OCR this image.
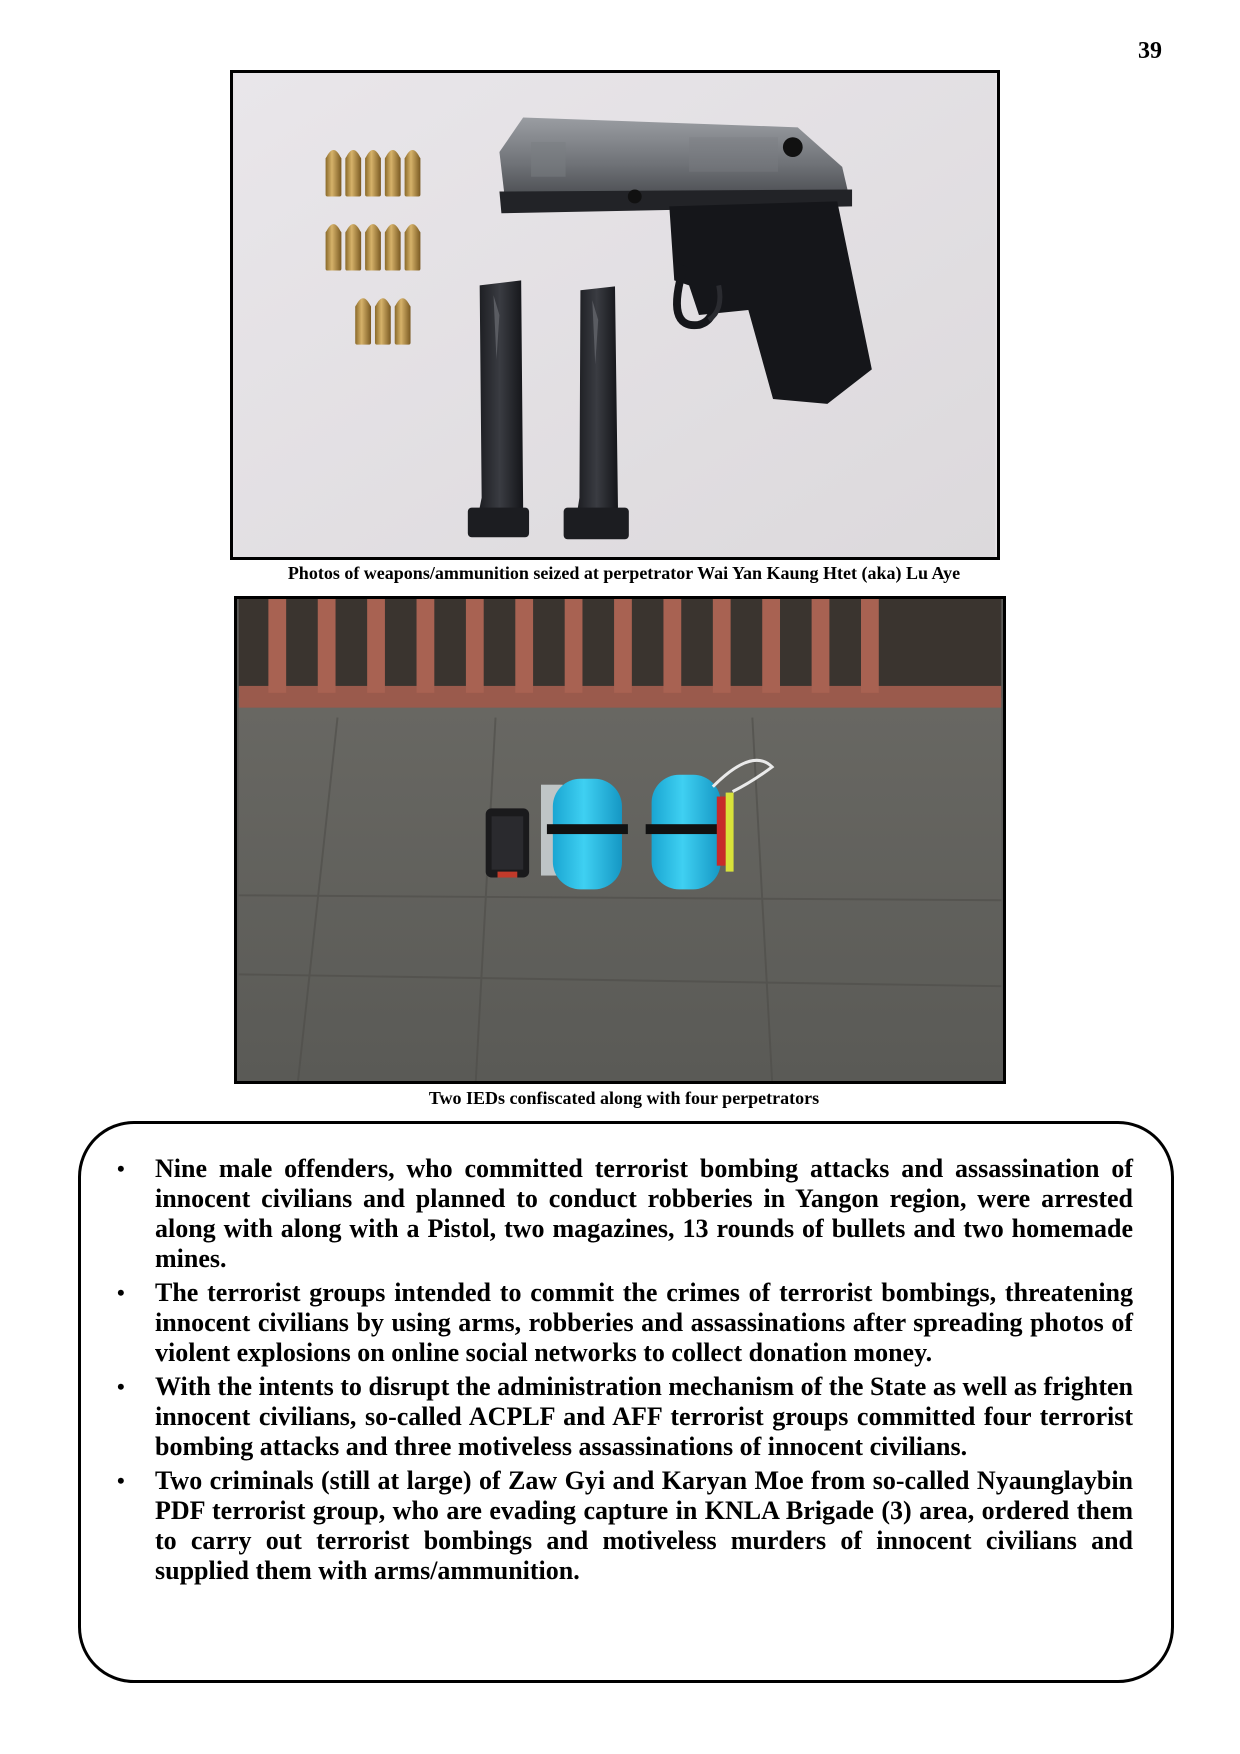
39
Photos of weapons/ammunition seized at perpetrator Wai Yan Kaung Htet (aka) Lu Aye
Two IEDs confiscated along with four perpetrators
• Nine male offenders, who committed terrorist bombing attacks and assassination of innocent civilians and planned to conduct robberies in Yangon region, were arrested along with along with a Pistol, two magazines, 13 rounds of bullets and two homemade mines.
• The terrorist groups intended to commit the crimes of terrorist bombings, threatening innocent civilians by using arms, robberies and assassinations after spreading photos of violent explosions on online social networks to collect donation money.
• With the intents to disrupt the administration mechanism of the State as well as frighten innocent civilians, so-called ACPLF and AFF terrorist groups committed four terrorist bombing attacks and three motiveless assassinations of innocent civilians.
• Two criminals (still at large) of Zaw Gyi and Karyan Moe from so-called Nyaunglaybin PDF terrorist group, who are evading capture in KNLA Brigade (3) area, ordered them to carry out terrorist bombings and motiveless murders of innocent civilians and supplied them with arms/ammunition.
